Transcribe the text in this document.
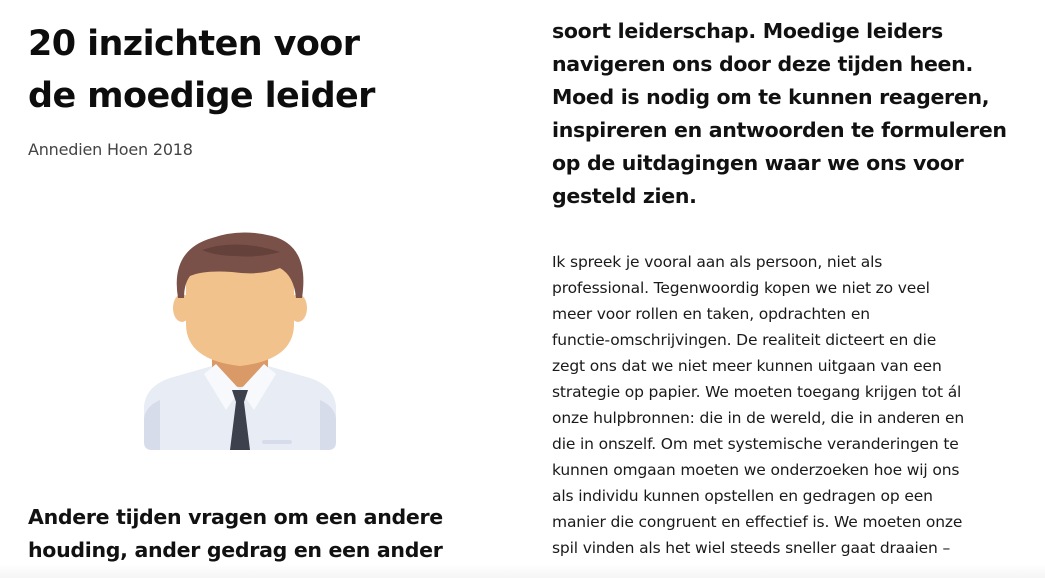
20 inzichten voor
de moedige leider
Annedien Hoen 2018

Andere tijden vragen om een andere
houding, ander gedrag en een ander

soort leiderschap. Moedige leiders
navigeren ons door deze tijden heen.
Moed is nodig om te kunnen reageren,
inspireren en antwoorden te formuleren
op de uitdagingen waar we ons voor
gesteld zien.

Ik spreek je vooral aan als persoon, niet als
professional. Tegenwoordig kopen we niet zo veel
meer voor rollen en taken, opdrachten en
functie-omschrijvingen. De realiteit dicteert en die
zegt ons dat we niet meer kunnen uitgaan van een
strategie op papier. We moeten toegang krijgen tot ál
onze hulpbronnen: die in de wereld, die in anderen en
die in onszelf. Om met systemische veranderingen te
kunnen omgaan moeten we onderzoeken hoe wij ons
als individu kunnen opstellen en gedragen op een
manier die congruent en effectief is. We moeten onze
spil vinden als het wiel steeds sneller gaat draaien –
